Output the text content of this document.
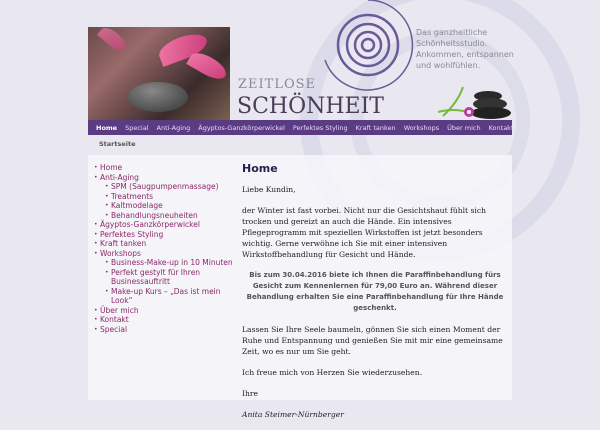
ZEITLOSE
SCHÖNHEIT
Das ganzheitliche
Schönheitsstudio.
Ankommen, entspannen
und wohlfühlen.
Home Special Anti-Aging Ägyptos-Ganzkörperwickel Perfektes Styling Kraft tanken Workshops Über mich Kontakt
Startseite
• Home
• Anti-Aging
• SPM (Saugpumpenmassage)
• Treatments
• Kaltmodelage
• Behandlungsneuheiten
• Ägyptos-Ganzkörperwickel
• Perfektes Styling
• Kraft tanken
• Workshops
• Business-Make-up in 10 Minuten
• Perfekt gestylt für Ihren Businessauftritt
• Make-up Kurs – „Das ist mein Look“
• Über mich
• Kontakt
• Special
Home

Liebe Kundin,

der Winter ist fast vorbei. Nicht nur die Gesichtshaut fühlt sich trocken und gereizt an auch die Hände. Ein intensives Pflegeprogramm mit speziellen Wirkstoffen ist jetzt besonders wichtig. Gerne verwöhne ich Sie mit einer intensiven Wirkstoffbehandlung für Gesicht und Hände.

Bis zum 30.04.2016 biete ich Ihnen die Paraffinbehandlung fürs Gesicht zum Kennenlernen für 79,00 Euro an. Während dieser Behandlung erhalten Sie eine Paraffinbehandlung für Ihre Hände geschenkt.

Lassen Sie Ihre Seele baumeln, gönnen Sie sich einen Moment der Ruhe und Entspannung und genießen Sie mit mir eine gemeinsame Zeit, wo es nur um Sie geht.

Ich freue mich von Herzen Sie wiederzusehen.

Ihre

Anita Steimer-Nürnberger
